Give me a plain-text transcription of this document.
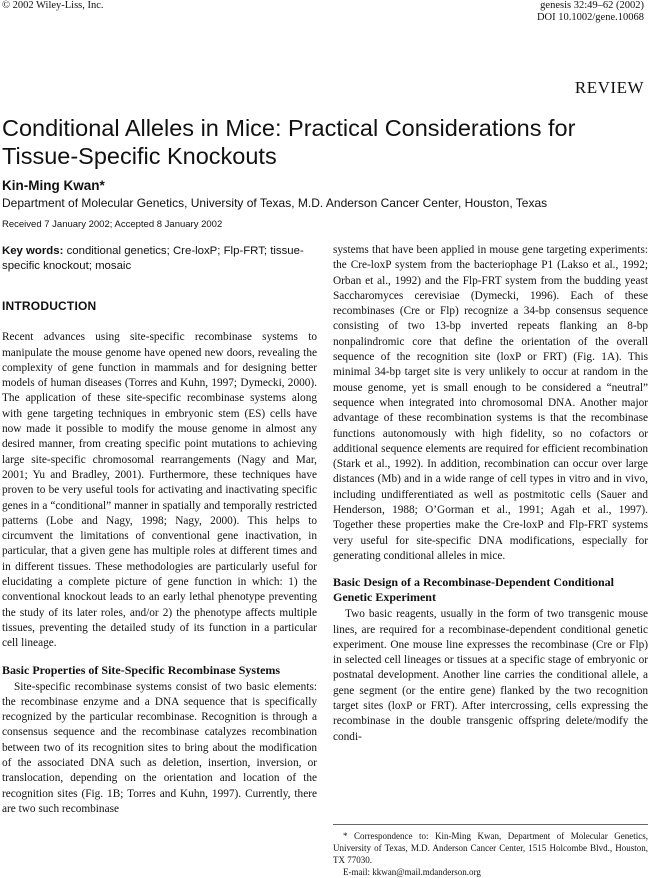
© 2002 Wiley-Liss, Inc.	genesis 32:49–62 (2002)
DOI 10.1002/gene.10068
REVIEW
Conditional Alleles in Mice: Practical Considerations for Tissue-Specific Knockouts
Kin-Ming Kwan*
Department of Molecular Genetics, University of Texas, M.D. Anderson Cancer Center, Houston, Texas
Received 7 January 2002; Accepted 8 January 2002

Key words: conditional genetics; Cre-loxP; Flp-FRT; tissue-specific knockout; mosaic

INTRODUCTION

Recent advances using site-specific recombinase systems to manipulate the mouse genome have opened new doors, revealing the complexity of gene function in mammals and for designing better models of human diseases (Torres and Kuhn, 1997; Dymecki, 2000). The application of these site-specific recombinase systems along with gene targeting techniques in embryonic stem (ES) cells have now made it possible to modify the mouse genome in almost any desired manner, from creating specific point mutations to achieving large site-specific chromosomal rearrangements (Nagy and Mar, 2001; Yu and Bradley, 2001). Furthermore, these techniques have proven to be very useful tools for activating and inactivating specific genes in a “conditional” manner in spatially and temporally restricted patterns (Lobe and Nagy, 1998; Nagy, 2000). This helps to circumvent the limitations of conventional gene inactivation, in particular, that a given gene has multiple roles at different times and in different tissues. These methodologies are particularly useful for elucidating a complete picture of gene function in which: 1) the conventional knockout leads to an early lethal phenotype preventing the study of its later roles, and/or 2) the phenotype affects multiple tissues, preventing the detailed study of its function in a particular cell lineage.

Basic Properties of Site-Specific Recombinase Systems

Site-specific recombinase systems consist of two basic elements: the recombinase enzyme and a DNA sequence that is specifically recognized by the particular recombinase. Recognition is through a consensus sequence and the recombinase catalyzes recombination between two of its recognition sites to bring about the modification of the associated DNA such as deletion, insertion, inversion, or translocation, depending on the orientation and location of the recognition sites (Fig. 1B; Torres and Kuhn, 1997). Currently, there are two such recombinase

systems that have been applied in mouse gene targeting experiments: the Cre-loxP system from the bacteriophage P1 (Lakso et al., 1992; Orban et al., 1992) and the Flp-FRT system from the budding yeast Saccharomyces cerevisiae (Dymecki, 1996). Each of these recombinases (Cre or Flp) recognize a 34-bp consensus sequence consisting of two 13-bp inverted repeats flanking an 8-bp nonpalindromic core that define the orientation of the overall sequence of the recognition site (loxP or FRT) (Fig. 1A). This minimal 34-bp target site is very unlikely to occur at random in the mouse genome, yet is small enough to be considered a “neutral” sequence when integrated into chromosomal DNA. Another major advantage of these recombination systems is that the recombinase functions autonomously with high fidelity, so no cofactors or additional sequence elements are required for efficient recombination (Stark et al., 1992). In addition, recombination can occur over large distances (Mb) and in a wide range of cell types in vitro and in vivo, including undifferentiated as well as postmitotic cells (Sauer and Henderson, 1988; O’Gorman et al., 1991; Agah et al., 1997). Together these properties make the Cre-loxP and Flp-FRT systems very useful for site-specific DNA modifications, especially for generating conditional alleles in mice.

Basic Design of a Recombinase-Dependent Conditional Genetic Experiment

Two basic reagents, usually in the form of two transgenic mouse lines, are required for a recombinase-dependent conditional genetic experiment. One mouse line expresses the recombinase (Cre or Flp) in selected cell lineages or tissues at a specific stage of embryonic or postnatal development. Another line carries the conditional allele, a gene segment (or the entire gene) flanked by the two recognition target sites (loxP or FRT). After intercrossing, cells expressing the recombinase in the double transgenic offspring delete/modify the condi-

* Correspondence to: Kin-Ming Kwan, Department of Molecular Genetics, University of Texas, M.D. Anderson Cancer Center, 1515 Holcombe Blvd., Houston, TX 77030.
E-mail: kkwan@mail.mdanderson.org
